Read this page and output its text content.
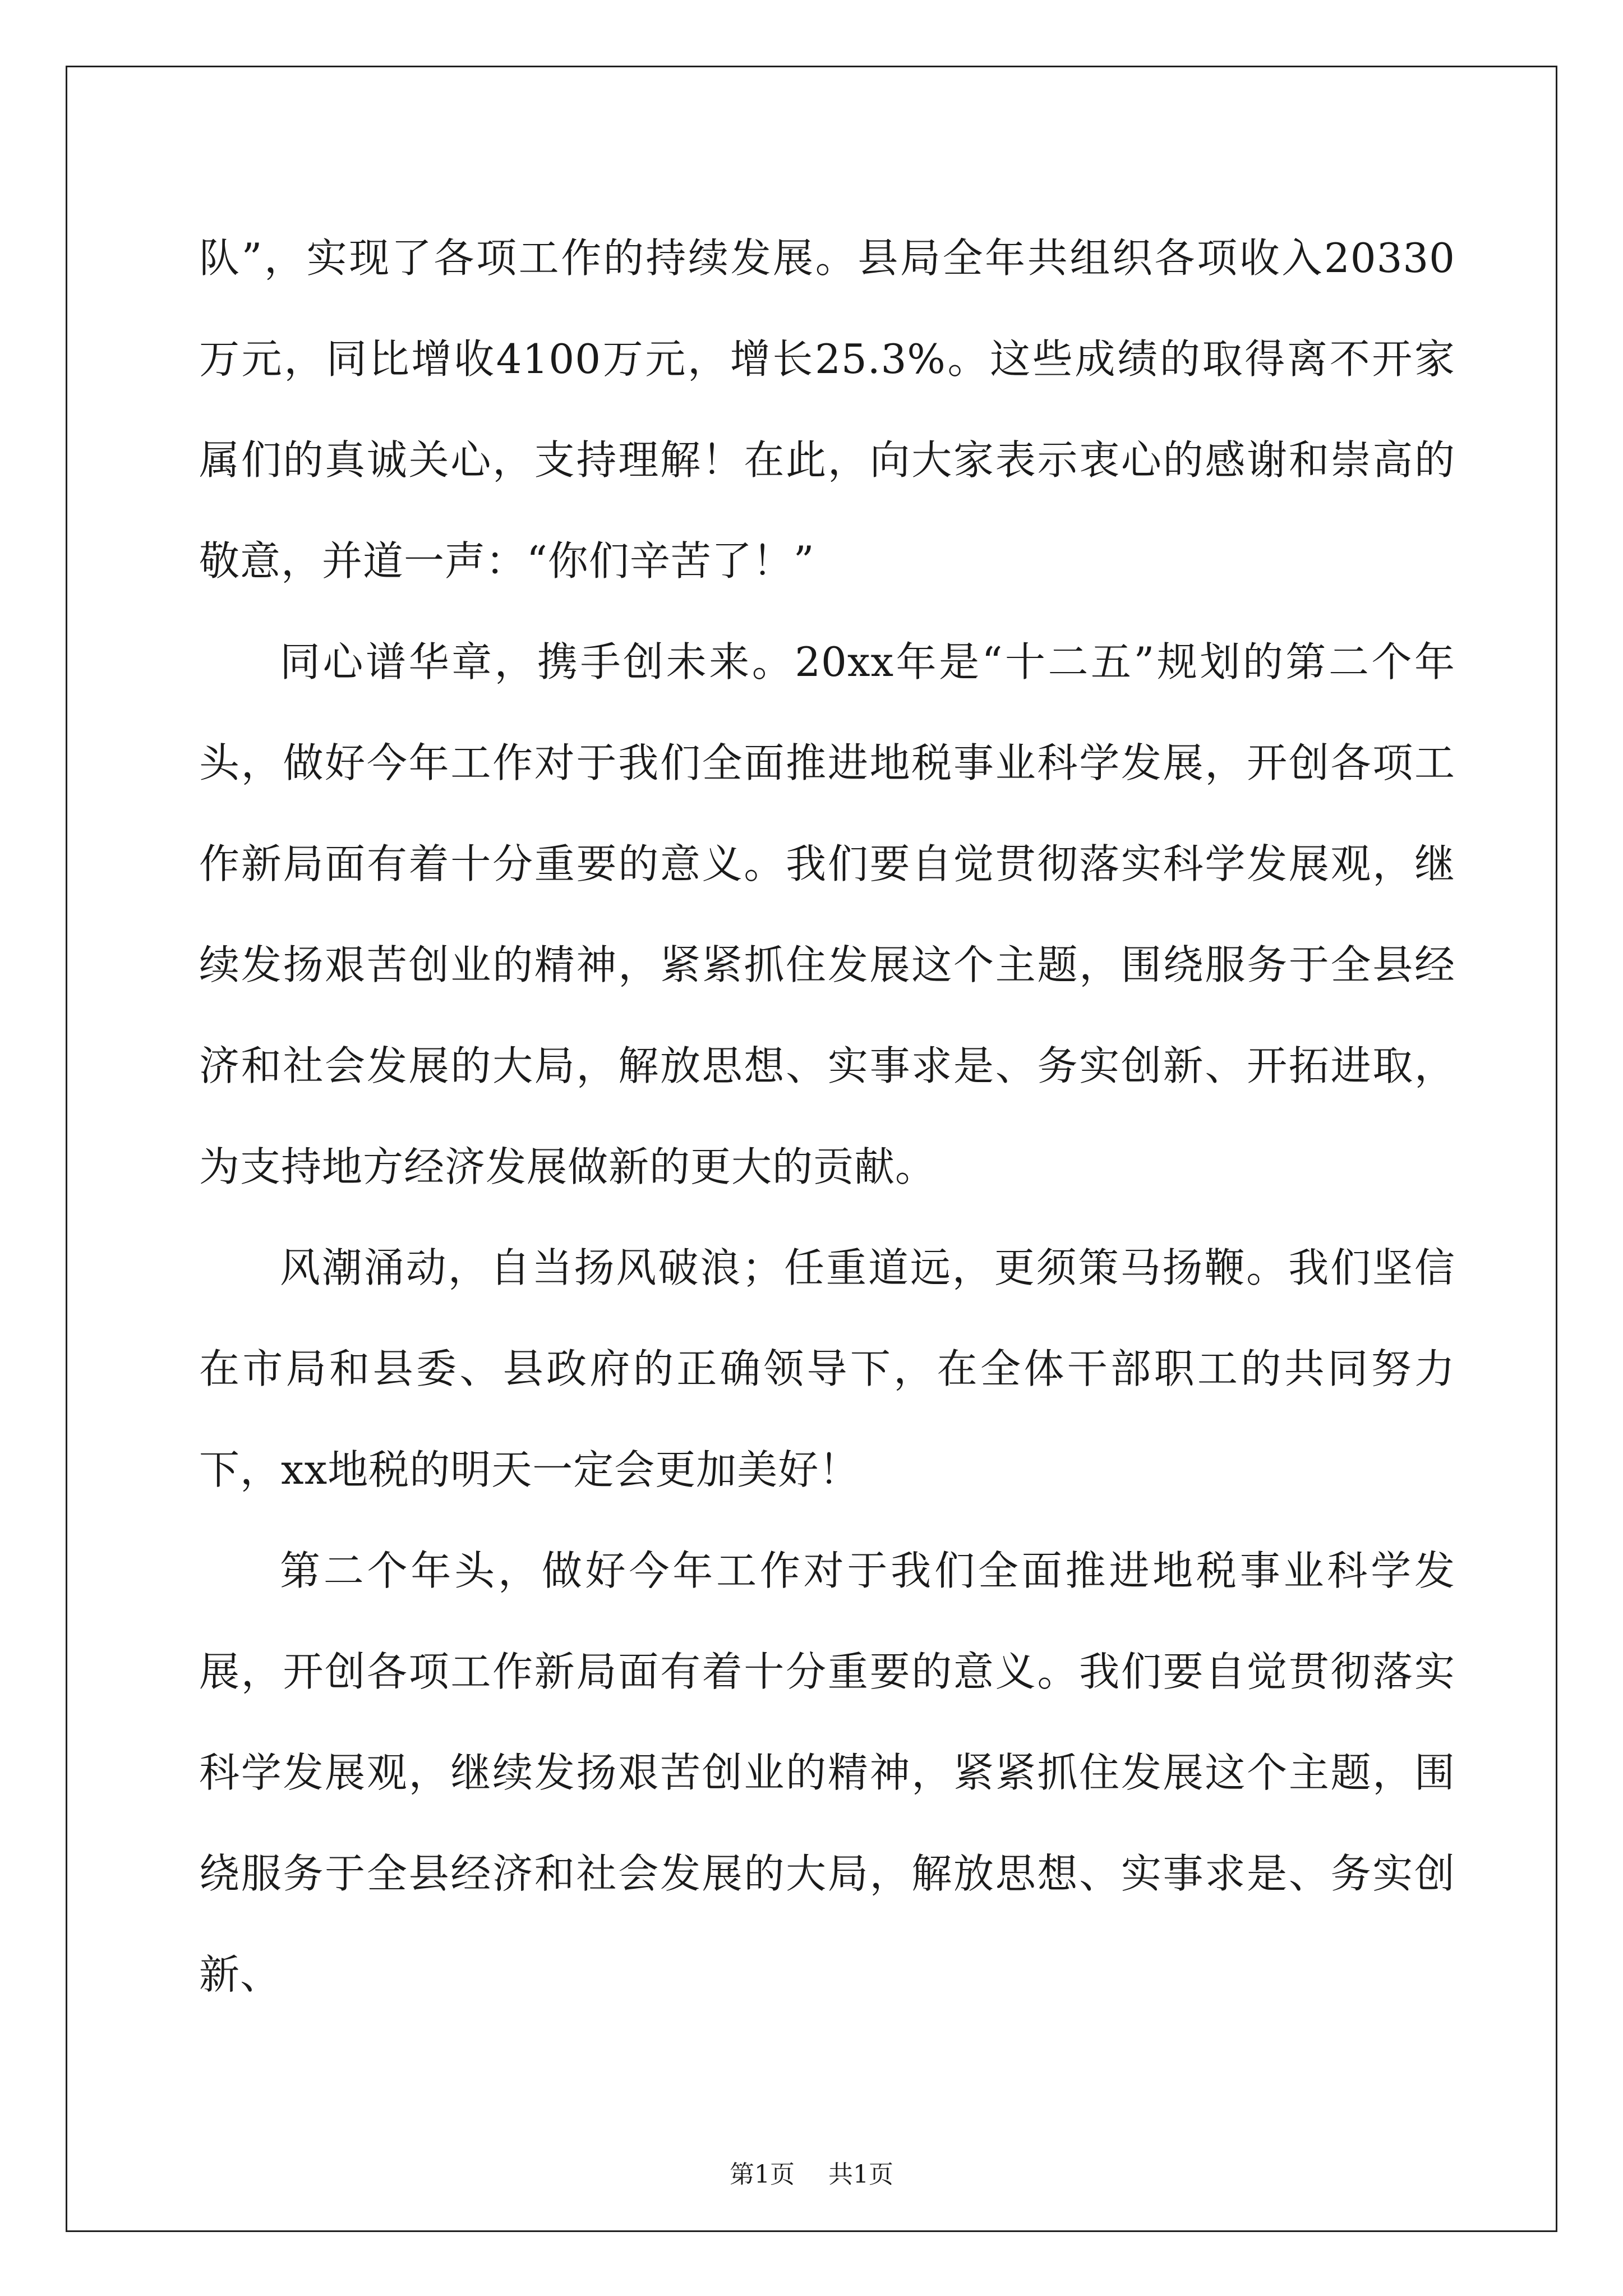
队”，实现了各项工作的持续发展。县局全年共组织各项收入20330万元，同比增收4100万元，增长25.3%。这些成绩的取得离不开家属们的真诚关心，支持理解！在此，向大家表示衷心的感谢和崇高的敬意，并道一声：“你们辛苦了！”

同心谱华章，携手创未来。20xx年是“十二五”规划的第二个年头，做好今年工作对于我们全面推进地税事业科学发展，开创各项工作新局面有着十分重要的意义。我们要自觉贯彻落实科学发展观，继续发扬艰苦创业的精神，紧紧抓住发展这个主题，围绕服务于全县经济和社会发展的大局，解放思想、实事求是、务实创新、开拓进取，为支持地方经济发展做新的更大的贡献。

风潮涌动，自当扬风破浪；任重道远，更须策马扬鞭。我们坚信在市局和县委、县政府的正确领导下，在全体干部职工的共同努力下，xx地税的明天一定会更加美好！

第二个年头，做好今年工作对于我们全面推进地税事业科学发展，开创各项工作新局面有着十分重要的意义。我们要自觉贯彻落实科学发展观，继续发扬艰苦创业的精神，紧紧抓住发展这个主题，围绕服务于全县经济和社会发展的大局，解放思想、实事求是、务实创新、

第1页 共1页
